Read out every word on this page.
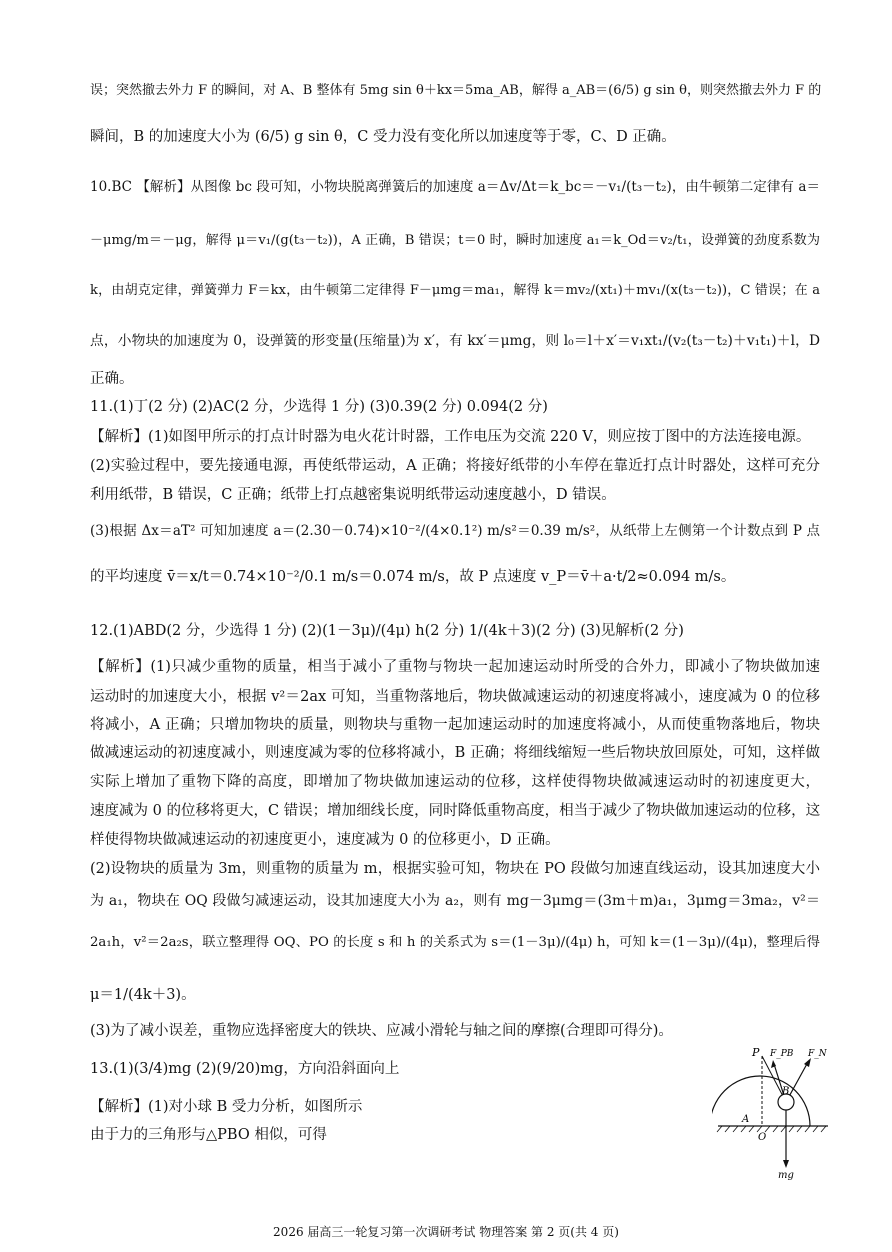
误；突然撤去外力 F 的瞬间，对 A、B 整体有 5mg sin θ＋kx＝5ma_AB，解得 a_AB＝(6/5) g sin θ，则突然撤去外力 F 的
瞬间，B 的加速度大小为 (6/5) g sin θ，C 受力没有变化所以加速度等于零，C、D 正确。
10.BC 【解析】从图像 bc 段可知，小物块脱离弹簧后的加速度 a＝Δv/Δt＝k_bc＝－v₁/(t₃－t₂)，由牛顿第二定律有 a＝
－μmg/m＝－μg，解得 μ＝v₁/(g(t₃－t₂))，A 正确，B 错误；t＝0 时，瞬时加速度 a₁＝k_Od＝v₂/t₁，设弹簧的劲度系数为
k，由胡克定律，弹簧弹力 F＝kx，由牛顿第二定律得 F－μmg＝ma₁，解得 k＝mv₂/(xt₁)＋mv₁/(x(t₃－t₂))，C 错误；在 a
点，小物块的加速度为 0，设弹簧的形变量(压缩量)为 x′，有 kx′＝μmg，则 l₀＝l＋x′＝v₁xt₁/(v₂(t₃－t₂)＋v₁t₁)＋l，D
正确。
11.(1)丁(2 分) (2)AC(2 分，少选得 1 分) (3)0.39(2 分) 0.094(2 分)
【解析】(1)如图甲所示的打点计时器为电火花计时器，工作电压为交流 220 V，则应按丁图中的方法连接电源。
(2)实验过程中，要先接通电源，再使纸带运动，A 正确；将接好纸带的小车停在靠近打点计时器处，这样可充分
利用纸带，B 错误，C 正确；纸带上打点越密集说明纸带运动速度越小，D 错误。
(3)根据 Δx＝aT² 可知加速度 a＝(2.30－0.74)×10⁻²/(4×0.1²) m/s²＝0.39 m/s²，从纸带上左侧第一个计数点到 P 点
的平均速度 v̄＝x/t＝0.74×10⁻²/0.1 m/s＝0.074 m/s，故 P 点速度 v_P＝v̄＋a·t/2≈0.094 m/s。
12.(1)ABD(2 分，少选得 1 分) (2)(1－3μ)/(4μ) h(2 分) 1/(4k＋3)(2 分) (3)见解析(2 分)
【解析】(1)只减少重物的质量，相当于减小了重物与物块一起加速运动时所受的合外力，即减小了物块做加速
运动时的加速度大小，根据 v²＝2ax 可知，当重物落地后，物块做减速运动的初速度将减小，速度减为 0 的位移
将减小，A 正确；只增加物块的质量，则物块与重物一起加速运动时的加速度将减小，从而使重物落地后，物块
做减速运动的初速度减小，则速度减为零的位移将减小，B 正确；将细线缩短一些后物块放回原处，可知，这样做
实际上增加了重物下降的高度，即增加了物块做加速运动的位移，这样使得物块做减速运动时的初速度更大，
速度减为 0 的位移将更大，C 错误；增加细线长度，同时降低重物高度，相当于减少了物块做加速运动的位移，这
样使得物块做减速运动的初速度更小，速度减为 0 的位移更小，D 正确。
(2)设物块的质量为 3m，则重物的质量为 m，根据实验可知，物块在 PO 段做匀加速直线运动，设其加速度大小
为 a₁，物块在 OQ 段做匀减速运动，设其加速度大小为 a₂，则有 mg－3μmg＝(3m＋m)a₁，3μmg＝3ma₂，v²＝
2a₁h，v²＝2a₂s，联立整理得 OQ、PO 的长度 s 和 h 的关系式为 s＝(1－3μ)/(4μ) h，可知 k＝(1－3μ)/(4μ)，整理后得
μ＝1/(4k＋3)。
(3)为了减小误差，重物应选择密度大的铁块、应减小滑轮与轴之间的摩擦(合理即可得分)。
13.(1)(3/4)mg (2)(9/20)mg，方向沿斜面向上
【解析】(1)对小球 B 受力分析，如图所示
由于力的三角形与△PBO 相似，可得
P F_PB F_N
B
A
O
mg
2026 届高三一轮复习第一次调研考试 物理答案 第 2 页(共 4 页)
